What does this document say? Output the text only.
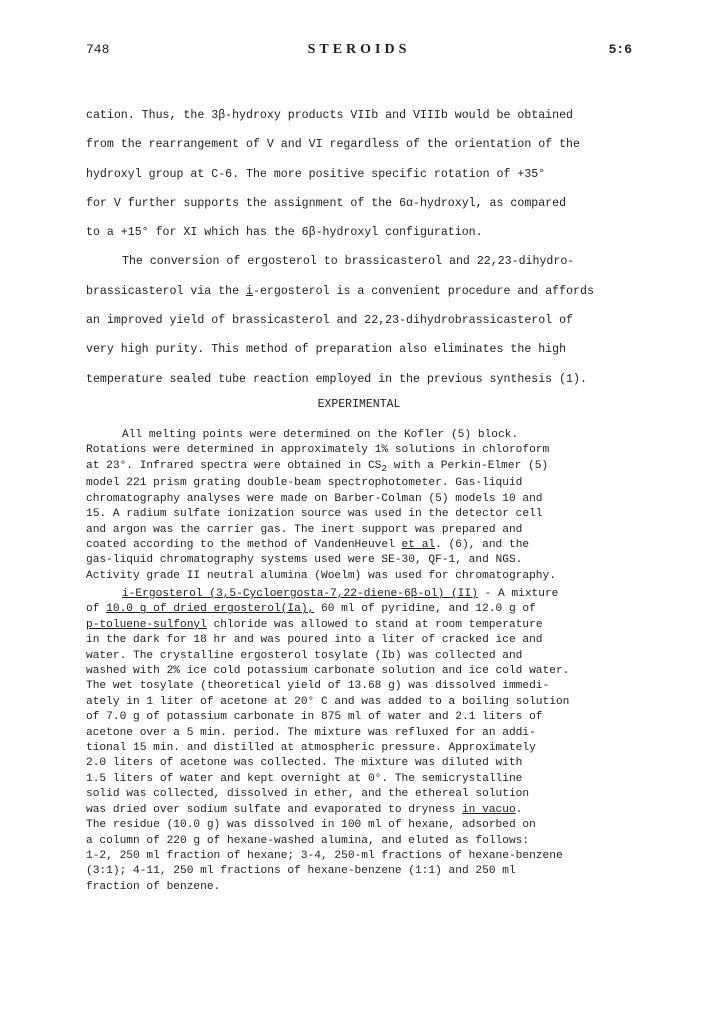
748	STEROIDS	5:6

cation. Thus, the 3β-hydroxy products VIIb and VIIIb would be obtained

from the rearrangement of V and VI regardless of the orientation of the

hydroxyl group at C-6. The more positive specific rotation of +35°

for V further supports the assignment of the 6α-hydroxyl, as compared

to a +15° for XI which has the 6β-hydroxyl configuration.

The conversion of ergosterol to brassicasterol and 22,23-dihydro-

brassicasterol via the i-ergosterol is a convenient procedure and affords

an improved yield of brassicasterol and 22,23-dihydrobrassicasterol of

very high purity. This method of preparation also eliminates the high

temperature sealed tube reaction employed in the previous synthesis (1).

EXPERIMENTAL

All melting points were determined on the Kofler (5) block.

Rotations were determined in approximately 1% solutions in chloroform

at 23°. Infrared spectra were obtained in $CS_2$ with a Perkin-Elmer (5)

model 221 prism grating double-beam spectrophotometer. Gas-liquid

chromatography analyses were made on Barber-Colman (5) models 10 and

15. A radium sulfate ionization source was used in the detector cell

and argon was the carrier gas. The inert support was prepared and

coated according to the method of VandenHeuvel et al. (6), and the

gas-liquid chromatography systems used were SE-30, QF-1, and NGS.

Activity grade II neutral alumina (Woelm) was used for chromatography.

i-Ergosterol (3,5-Cycloergosta-7,22-diene-6β-ol) (II) - A mixture

of 10.0 g of dried ergosterol(Ia), 60 ml of pyridine, and 12.0 g of

p-toluene-sulfonyl chloride was allowed to stand at room temperature

in the dark for 18 hr and was poured into a liter of cracked ice and

water. The crystalline ergosterol tosylate (Ib) was collected and

washed with 2% ice cold potassium carbonate solution and ice cold water.

The wet tosylate (theoretical yield of 13.68 g) was dissolved immedi-

ately in 1 liter of acetone at 20° C and was added to a boiling solution

of 7.0 g of potassium carbonate in 875 ml of water and 2.1 liters of

acetone over a 5 min. period. The mixture was refluxed for an addi-

tional 15 min. and distilled at atmospheric pressure. Approximately

2.0 liters of acetone was collected. The mixture was diluted with

1.5 liters of water and kept overnight at 0°. The semicrystalline

solid was collected, dissolved in ether, and the ethereal solution

was dried over sodium sulfate and evaporated to dryness in vacuo.

The residue (10.0 g) was dissolved in 100 ml of hexane, adsorbed on

a column of 220 g of hexane-washed alumina, and eluted as follows:

1-2, 250 ml fraction of hexane; 3-4, 250-ml fractions of hexane-benzene

(3:1); 4-11, 250 ml fractions of hexane-benzene (1:1) and 250 ml

fraction of benzene.
